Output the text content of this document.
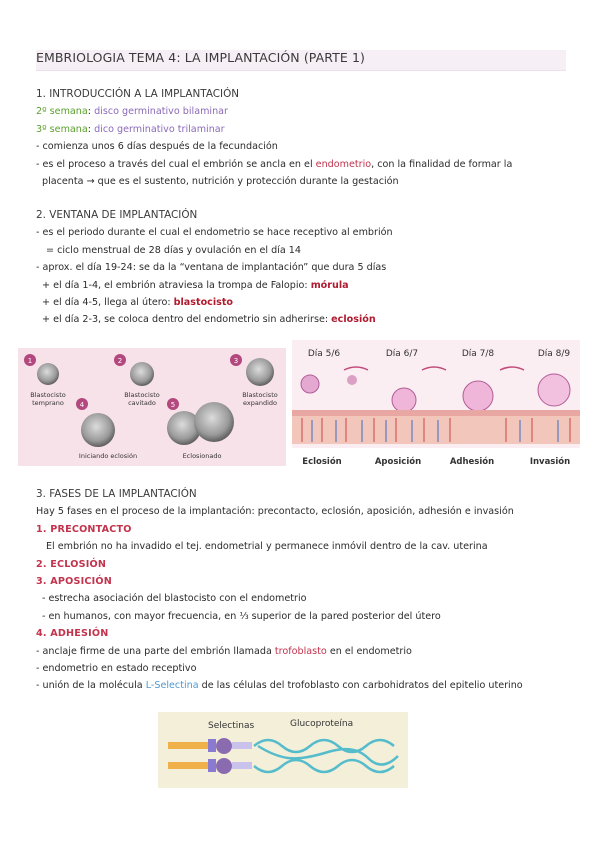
EMBRIOLOGIA TEMA 4: LA IMPLANTACIÓN (PARTE 1)
1. INTRODUCCIÓN A LA IMPLANTACIÓN
2º semana: disco germinativo bilaminar
3º semana: dico germinativo trilaminar
- comienza unos 6 días después de la fecundación
- es el proceso a través del cual el embrión se ancla en el endometrio, con la finalidad de formar la
placenta → que es el sustento, nutrición y protección durante la gestación
2. VENTANA DE IMPLANTACIÓN
- es el periodo durante el cual el endometrio se hace receptivo al embrión
= ciclo menstrual de 28 días y ovulación en el día 14
- aprox. el día 19-24: se da la “ventana de implantación” que dura 5 días
+ el día 1-4, el embrión atraviesa la trompa de Falopio: mórula
+ el día 4-5, llega al útero: blastocisto
+ el día 2-3, se coloca dentro del endometrio sin adherirse: eclosión
1
Blastocisto
temprano
2
Blastocisto
cavitado
3
Blastocisto
expandido
4
Iniciando eclosión
5
Eclosionado
Día 5/6	Día 6/7	Día 7/8	Día 8/9
Eclosión	Aposición	Adhesión	Invasión
3. FASES DE LA IMPLANTACIÓN
Hay 5 fases en el proceso de la implantación: precontacto, eclosión, aposición, adhesión e invasión
1. PRECONTACTO
El embrión no ha invadido el tej. endometrial y permanece inmóvil dentro de la cav. uterina
2. ECLOSIÓN
3. APOSICIÓN
- estrecha asociación del blastocisto con el endometrio
- en humanos, con mayor frecuencia, en ⅓ superior de la pared posterior del útero
4. ADHESIÓN
- anclaje firme de una parte del embrión llamada trofoblasto en el endometrio
- endometrio en estado receptivo
- unión de la molécula L-Selectina de las células del trofoblasto con carbohidratos del epitelio uterino
Selectinas	Glucoproteína
